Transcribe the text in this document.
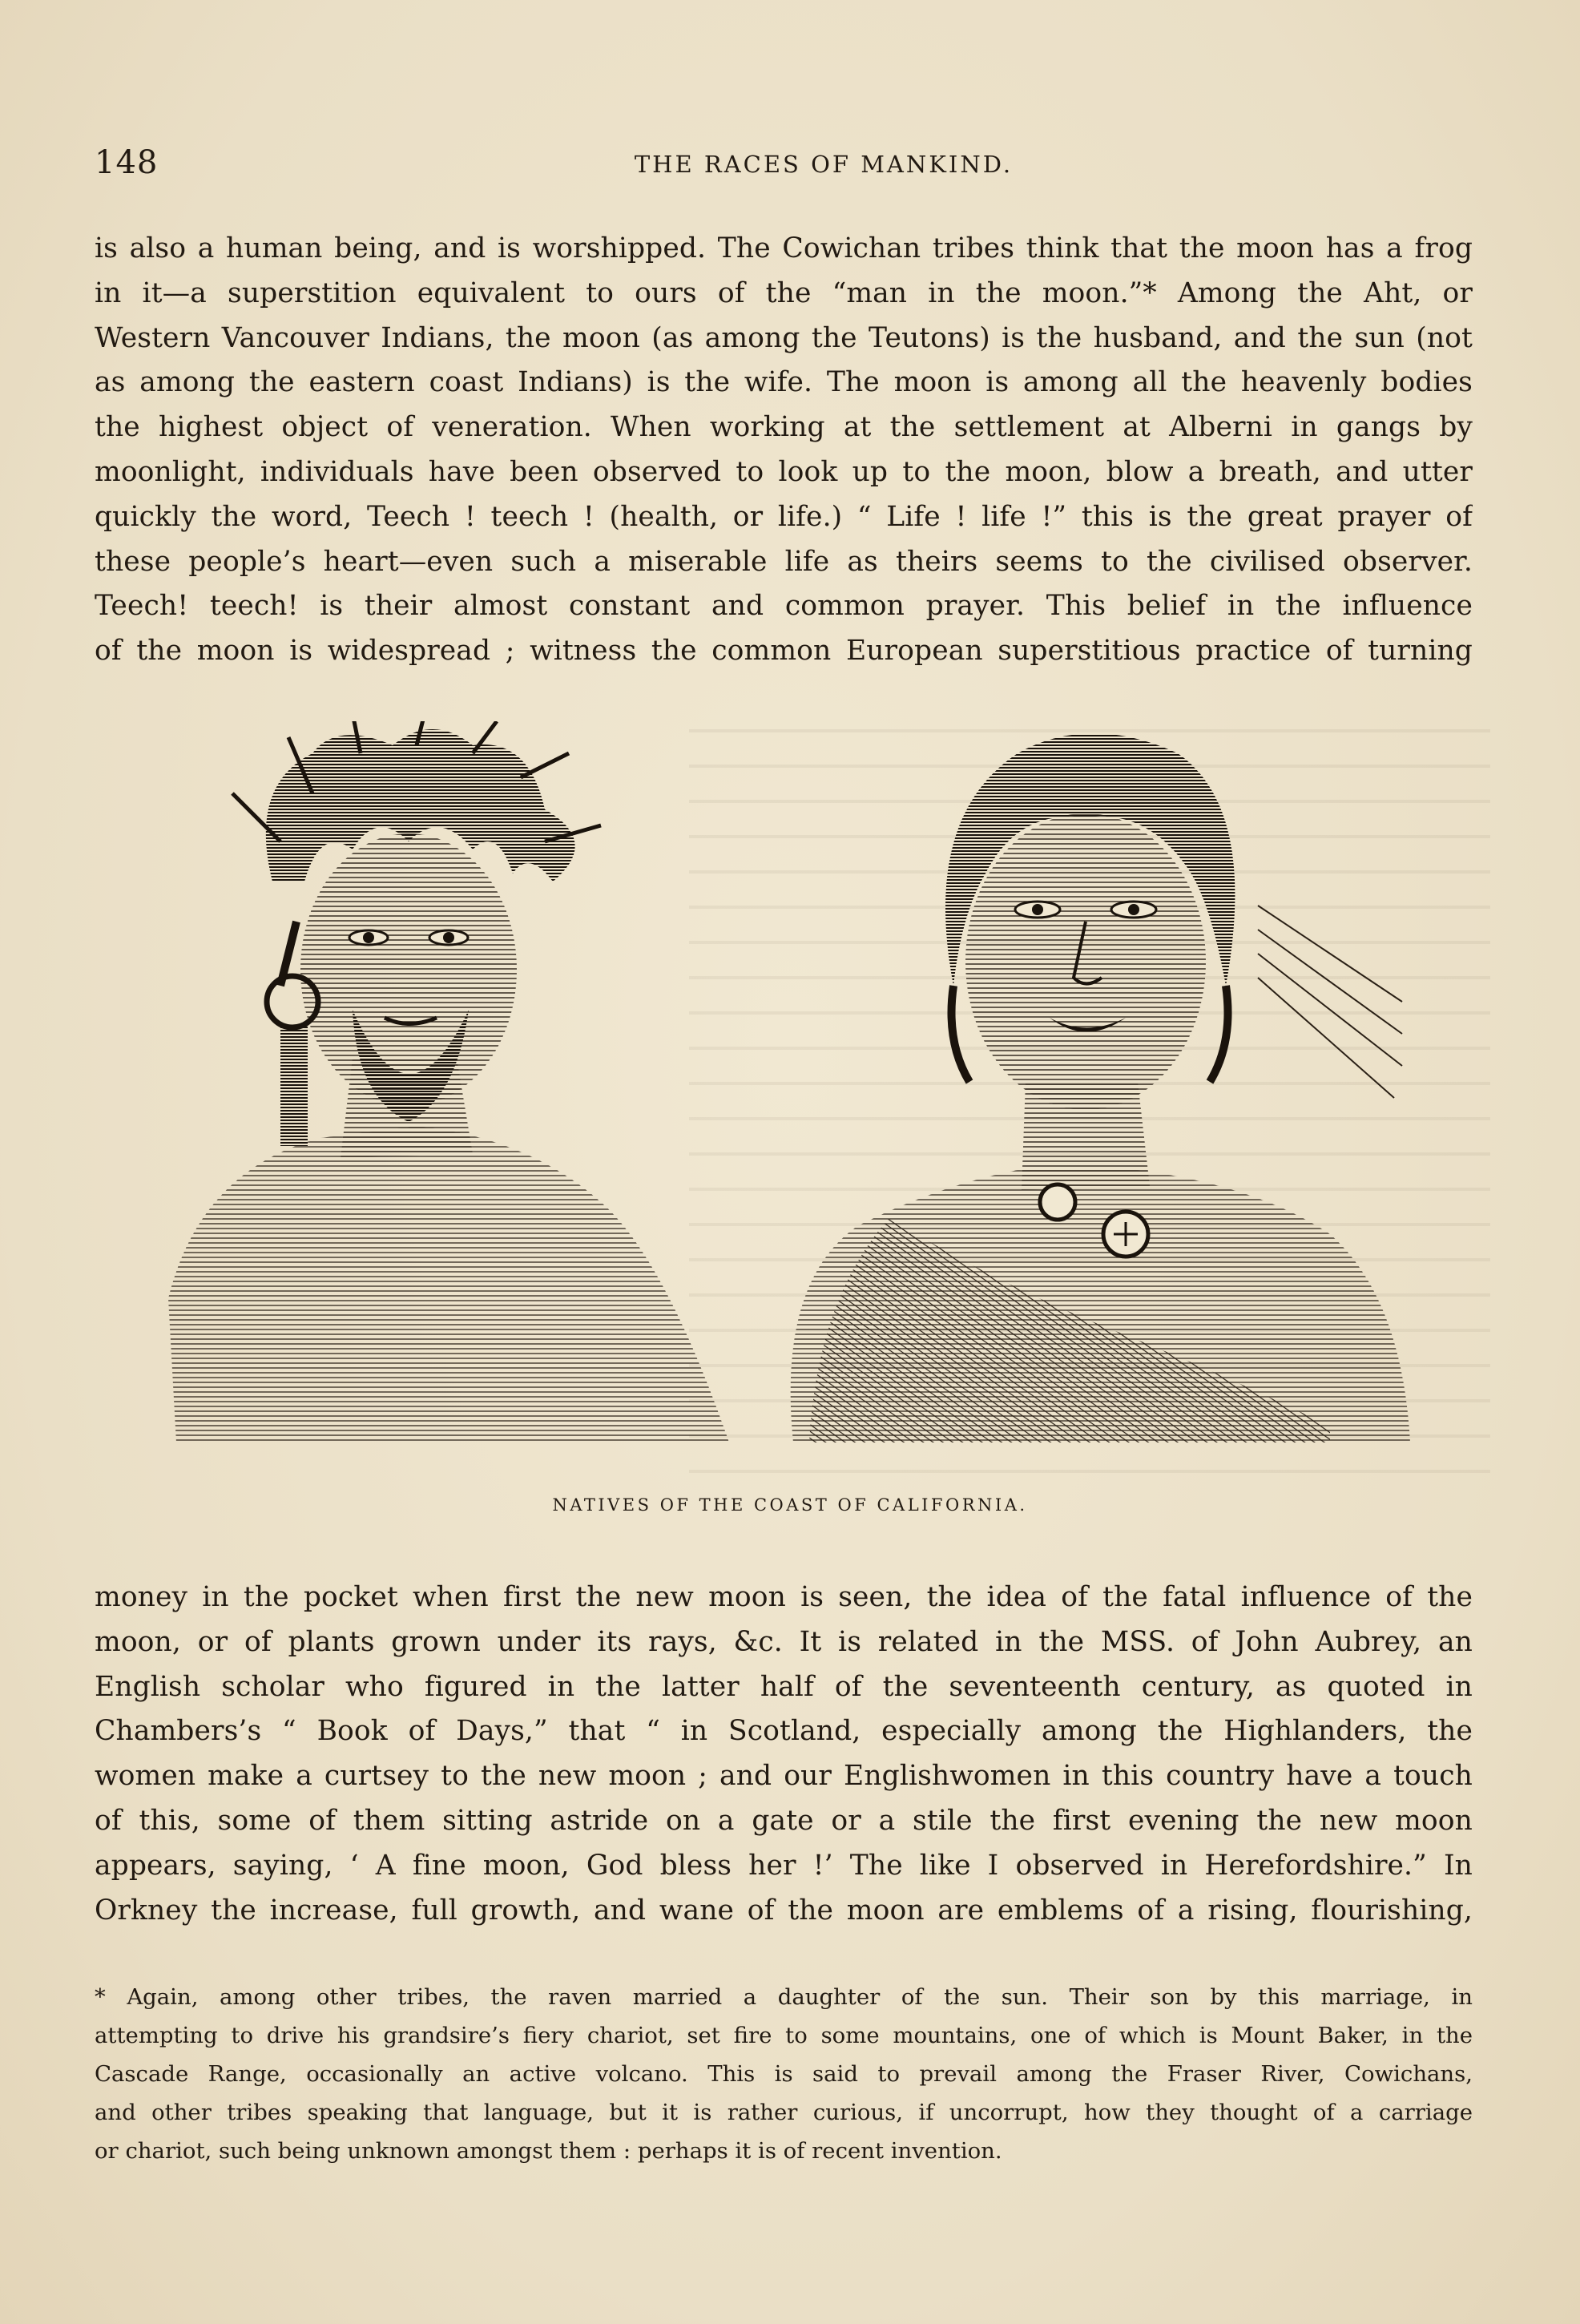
148	THE RACES OF MANKIND.
is also a human being, and is worshipped. The Cowichan tribes think that the moon has a frog
in it—a superstition equivalent to ours of the “man in the moon.”* Among the Aht, or
Western Vancouver Indians, the moon (as among the Teutons) is the husband, and the sun (not
as among the eastern coast Indians) is the wife. The moon is among all the heavenly bodies
the highest object of veneration. When working at the settlement at Alberni in gangs by
moonlight, individuals have been observed to look up to the moon, blow a breath, and utter
quickly the word, Teech ! teech ! (health, or life.) “ Life ! life !” this is the great prayer of
these people’s heart—even such a miserable life as theirs seems to the civilised observer.
Teech! teech! is their almost constant and common prayer. This belief in the influence
of the moon is widespread ; witness the common European superstitious practice of turning
NATIVES OF THE COAST OF CALIFORNIA.
money in the pocket when first the new moon is seen, the idea of the fatal influence of the
moon, or of plants grown under its rays, &c. It is related in the MSS. of John Aubrey, an
English scholar who figured in the latter half of the seventeenth century, as quoted in
Chambers’s “ Book of Days,” that “ in Scotland, especially among the Highlanders, the
women make a curtsey to the new moon ; and our Englishwomen in this country have a touch
of this, some of them sitting astride on a gate or a stile the first evening the new moon
appears, saying, ‘ A fine moon, God bless her !’ The like I observed in Herefordshire.” In
Orkney the increase, full growth, and wane of the moon are emblems of a rising, flourishing,
* Again, among other tribes, the raven married a daughter of the sun. Their son by this marriage, in
attempting to drive his grandsire’s fiery chariot, set fire to some mountains, one of which is Mount Baker, in the
Cascade Range, occasionally an active volcano. This is said to prevail among the Fraser River, Cowichans,
and other tribes speaking that language, but it is rather curious, if uncorrupt, how they thought of a carriage
or chariot, such being unknown amongst them : perhaps it is of recent invention.
